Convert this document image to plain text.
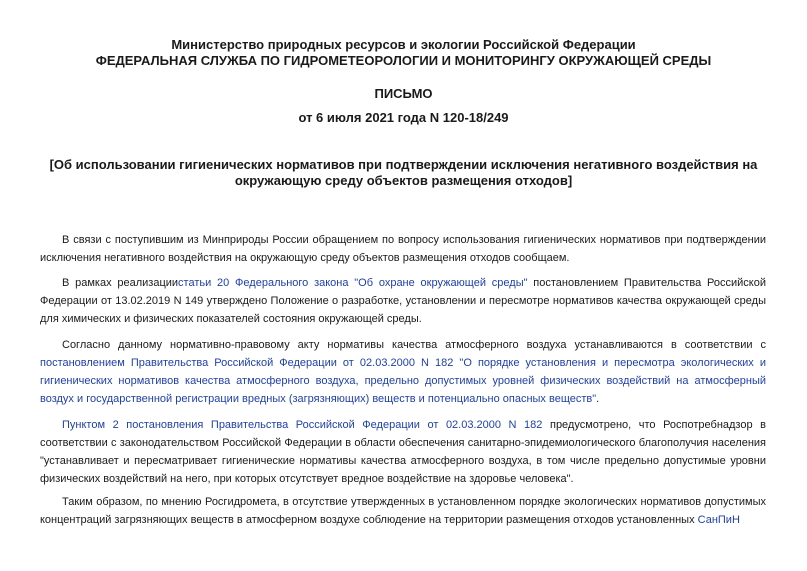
Министерство природных ресурсов и экологии Российской Федерации
ФЕДЕРАЛЬНАЯ СЛУЖБА ПО ГИДРОМЕТЕОРОЛОГИИ И МОНИТОРИНГУ ОКРУЖАЮЩЕЙ СРЕДЫ
ПИСЬМО
от 6 июля 2021 года N 120-18/249
[Об использовании гигиенических нормативов при подтверждении исключения негативного воздействия на
окружающую среду объектов размещения отходов]
В связи с поступившим из Минприроды России обращением по вопросу использования гигиенических нормативов при подтверждении исключения негативного воздействия на окружающую среду объектов размещения отходов сообщаем.
В рамках реализациистатьи 20 Федерального закона "Об охране окружающей среды" постановлением Правительства Российской Федерации от 13.02.2019 N 149 утверждено Положение о разработке, установлении и пересмотре нормативов качества окружающей среды для химических и физических показателей состояния окружающей среды.
Согласно данному нормативно-правовому акту нормативы качества атмосферного воздуха устанавливаются в соответствии с постановлением Правительства Российской Федерации от 02.03.2000 N 182 "О порядке установления и пересмотра экологических и гигиенических нормативов качества атмосферного воздуха, предельно допустимых уровней физических воздействий на атмосферный воздух и государственной регистрации вредных (загрязняющих) веществ и потенциально опасных веществ".
Пунктом 2 постановления Правительства Российской Федерации от 02.03.2000 N 182 предусмотрено, что Роспотребнадзор в соответствии с законодательством Российской Федерации в области обеспечения санитарно-эпидемиологического благополучия населения "устанавливает и пересматривает гигиенические нормативы качества атмосферного воздуха, в том числе предельно допустимые уровни физических воздействий на него, при которых отсутствует вредное воздействие на здоровье человека".
Таким образом, по мнению Росгидромета, в отсутствие утвержденных в установленном порядке экологических нормативов допустимых концентраций загрязняющих веществ в атмосферном воздухе соблюдение на территории размещения отходов установленных СанПиН
